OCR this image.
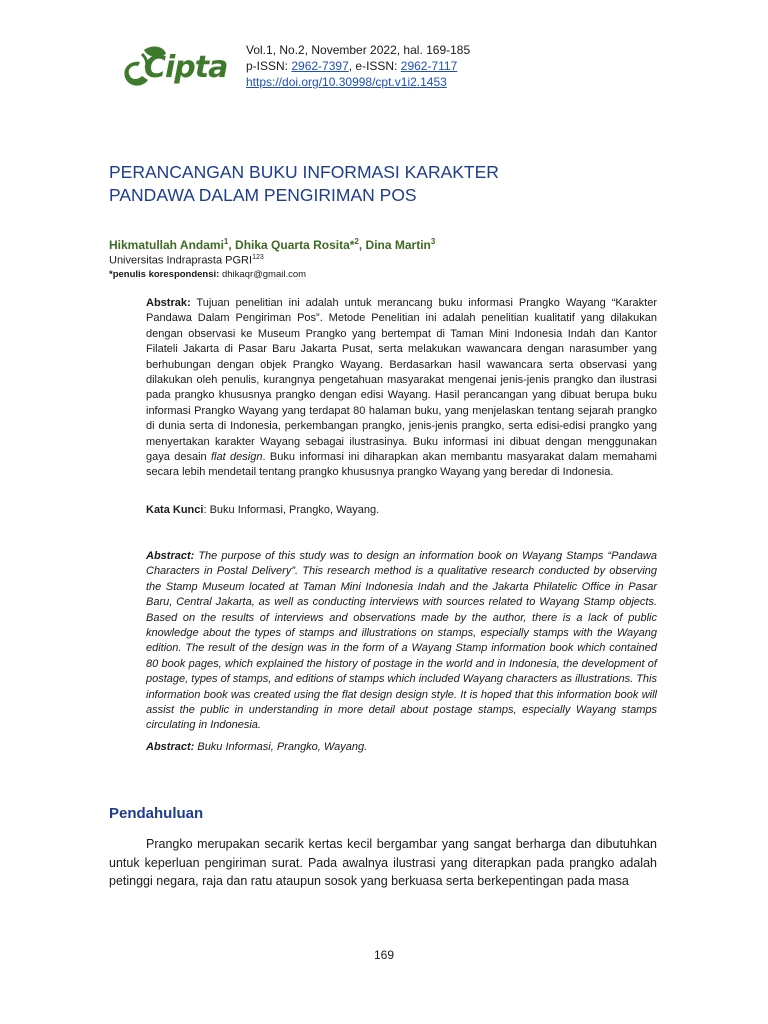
Cipta Vol.1, No.2, November 2022, hal. 169-185
p-ISSN: 2962-7397, e-ISSN: 2962-7117
https://doi.org/10.30998/cpt.v1i2.1453
PERANCANGAN BUKU INFORMASI KARAKTER
PANDAWA DALAM PENGIRIMAN POS
Hikmatullah Andami$^1$, Dhika Quarta Rosita*$^2$, Dina Martin$^3$
Universitas Indraprasta PGRI$^{123}$
*penulis korespondensi: dhikaqr@gmail.com
Abstrak: Tujuan penelitian ini adalah untuk merancang buku informasi Prangko Wayang “Karakter Pandawa Dalam Pengiriman Pos”. Metode Penelitian ini adalah penelitian kualitatif yang dilakukan dengan observasi ke Museum Prangko yang bertempat di Taman Mini Indonesia Indah dan Kantor Filateli Jakarta di Pasar Baru Jakarta Pusat, serta melakukan wawancara dengan narasumber yang berhubungan dengan objek Prangko Wayang. Berdasarkan hasil wawancara serta observasi yang dilakukan oleh penulis, kurangnya pengetahuan masyarakat mengenai jenis-jenis prangko dan ilustrasi pada prangko khususnya prangko dengan edisi Wayang. Hasil perancangan yang dibuat berupa buku informasi Prangko Wayang yang terdapat 80 halaman buku, yang menjelaskan tentang sejarah prangko di dunia serta di Indonesia, perkembangan prangko, jenis-jenis prangko, serta edisi-edisi prangko yang menyertakan karakter Wayang sebagai ilustrasinya. Buku informasi ini dibuat dengan menggunakan gaya desain flat design. Buku informasi ini diharapkan akan membantu masyarakat dalam memahami secara lebih mendetail tentang prangko khususnya prangko Wayang yang beredar di Indonesia.
Kata Kunci: Buku Informasi, Prangko, Wayang.
Abstract: The purpose of this study was to design an information book on Wayang Stamps “Pandawa Characters in Postal Delivery”. This research method is a qualitative research conducted by observing the Stamp Museum located at Taman Mini Indonesia Indah and the Jakarta Philatelic Office in Pasar Baru, Central Jakarta, as well as conducting interviews with sources related to Wayang Stamp objects. Based on the results of interviews and observations made by the author, there is a lack of public knowledge about the types of stamps and illustrations on stamps, especially stamps with the Wayang edition. The result of the design was in the form of a Wayang Stamp information book which contained 80 book pages, which explained the history of postage in the world and in Indonesia, the development of postage, types of stamps, and editions of stamps which included Wayang characters as illustrations. This information book was created using the flat design design style. It is hoped that this information book will assist the public in understanding in more detail about postage stamps, especially Wayang stamps circulating in Indonesia.
Abstract: Buku Informasi, Prangko, Wayang.
Pendahuluan

Prangko merupakan secarik kertas kecil bergambar yang sangat berharga dan dibutuhkan untuk keperluan pengiriman surat. Pada awalnya ilustrasi yang diterapkan pada prangko adalah petinggi negara, raja dan ratu ataupun sosok yang berkuasa serta berkepentingan pada masa

169
